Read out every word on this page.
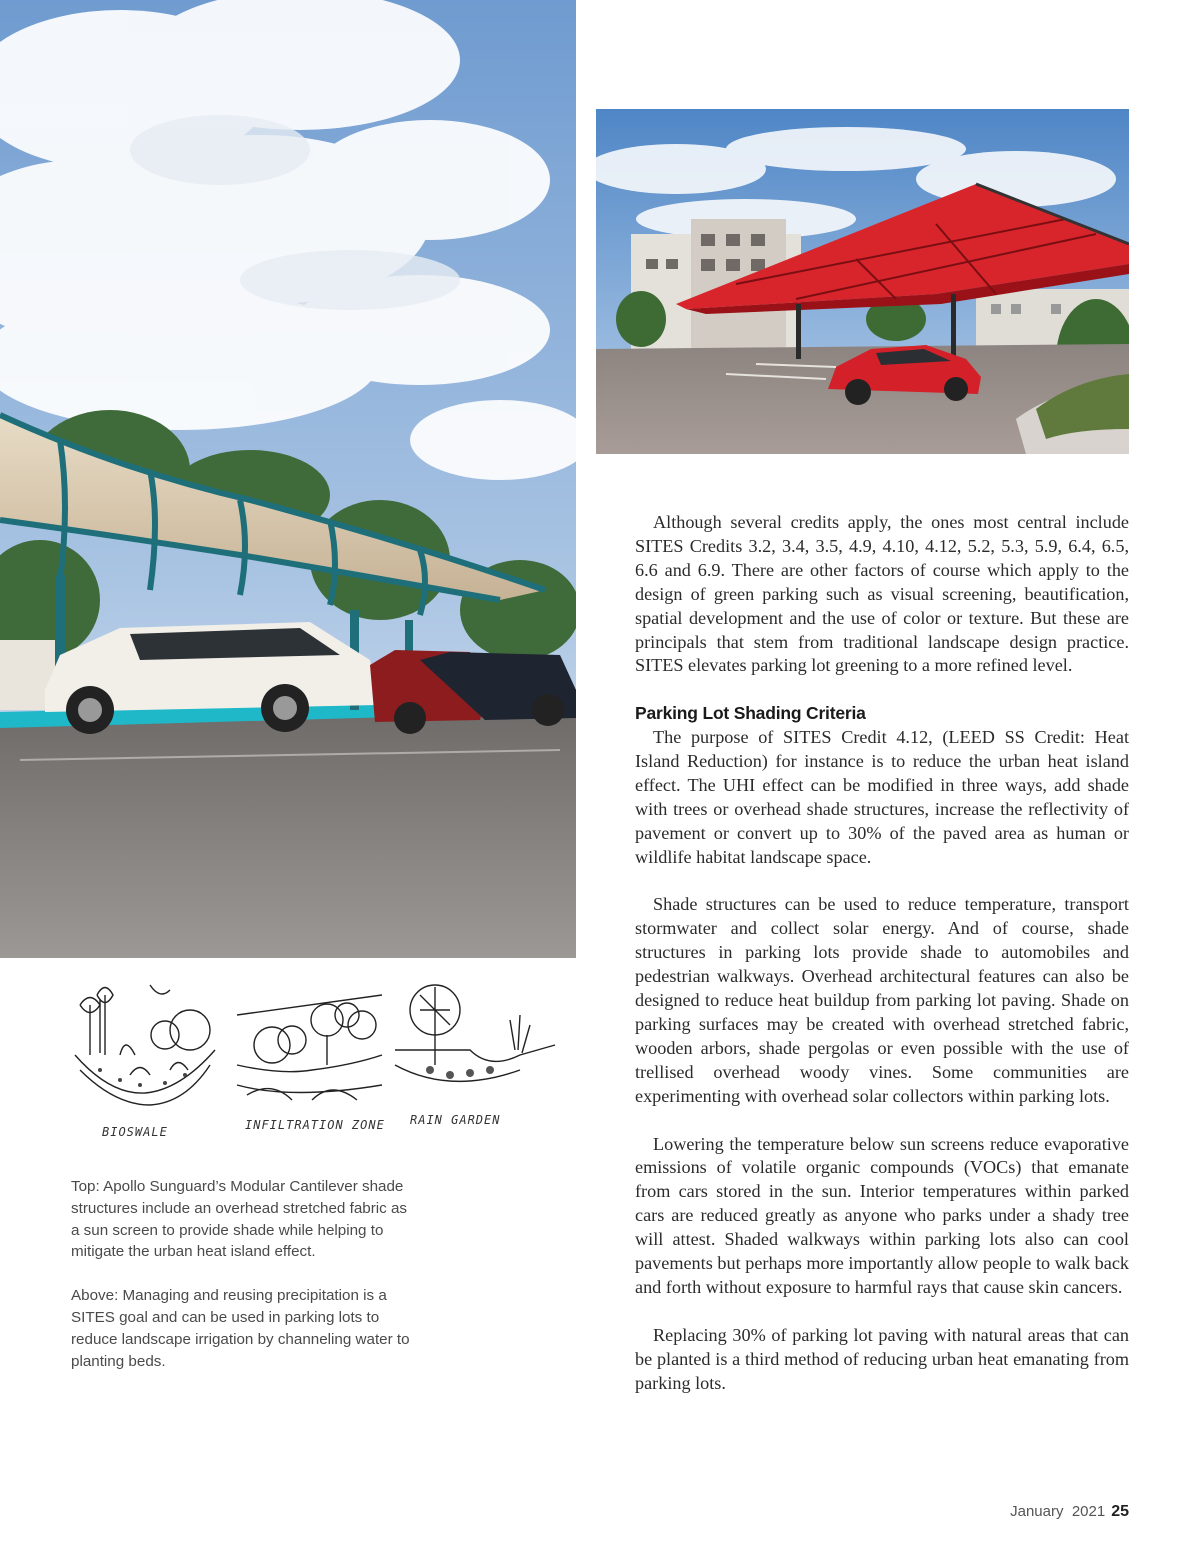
BIOSWALE	INFILTRATION ZONE RAIN GARDEN

Top: Apollo Sunguard’s Modular Cantilever shade structures include an overhead stretched fabric as a sun screen to provide shade while helping to mitigate the urban heat island effect.

Above: Managing and reusing precipitation is a SITES goal and can be used in parking lots to reduce landscape irrigation by channeling water to planting beds.

Although several credits apply, the ones most central include SITES Credits 3.2, 3.4, 3.5, 4.9, 4.10, 4.12, 5.2, 5.3, 5.9, 6.4, 6.5, 6.6 and 6.9. There are other factors of course which apply to the design of green parking such as visual screening, beautification, spatial development and the use of color or texture. But these are principals that stem from traditional landscape design practice. SITES elevates parking lot greening to a more refined level.

Parking Lot Shading Criteria

The purpose of SITES Credit 4.12, (LEED SS Credit: Heat Island Reduction) for instance is to reduce the urban heat island effect. The UHI effect can be modified in three ways, add shade with trees or overhead shade structures, increase the reflectivity of pavement or convert up to 30% of the paved area as human or wildlife habitat landscape space.

Shade structures can be used to reduce temperature, transport stormwater and collect solar energy. And of course, shade structures in parking lots provide shade to automobiles and pedestrian walkways. Overhead architectural features can also be designed to reduce heat buildup from parking lot paving. Shade on parking surfaces may be created with overhead stretched fabric, wooden arbors, shade pergolas or even possible with the use of trellised overhead woody vines. Some communities are experimenting with overhead solar collectors within parking lots.

Lowering the temperature below sun screens reduce evaporative emissions of volatile organic compounds (VOCs) that emanate from cars stored in the sun. Interior temperatures within parked cars are reduced greatly as anyone who parks under a shady tree will attest. Shaded walkways within parking lots also can cool pavements but perhaps more importantly allow people to walk back and forth without exposure to harmful rays that cause skin cancers.

Replacing 30% of parking lot paving with natural areas that can be planted is a third method of reducing urban heat emanating from parking lots.

January 2021 25
